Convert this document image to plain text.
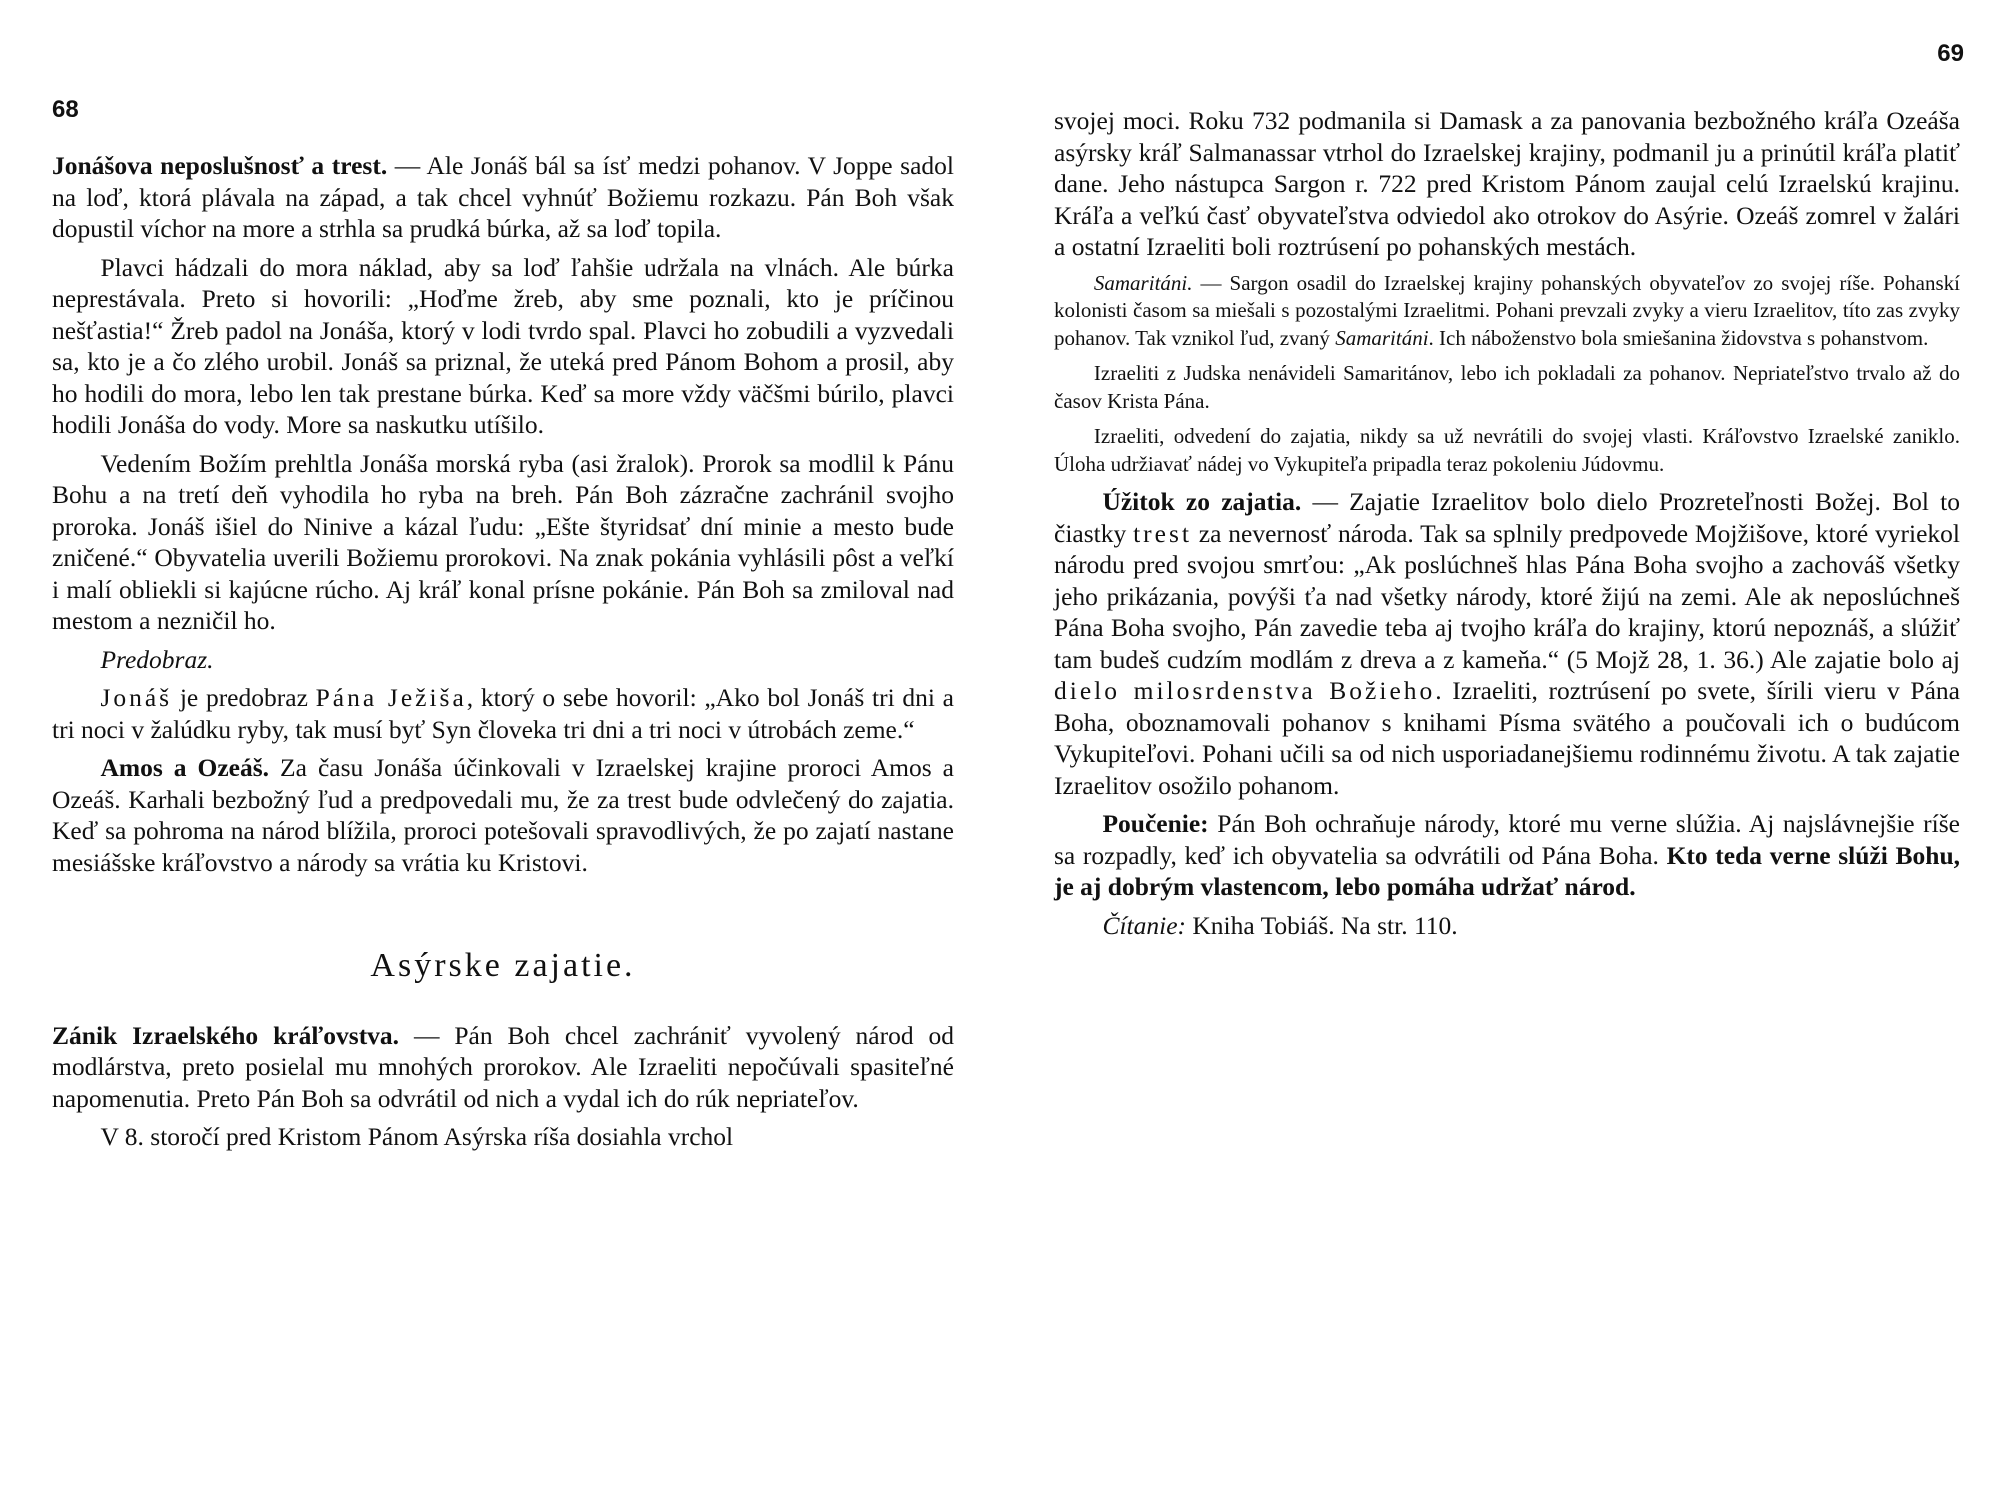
68

Jonášova neposlušnosť a trest. — Ale Jonáš bál sa ísť medzi pohanov. V Joppe sadol na loď, ktorá plávala na západ, a tak chcel vyhnúť Božiemu rozkazu. Pán Boh však dopustil víchor na more a strhla sa prudká búrka, až sa loď topila.

Plavci hádzali do mora náklad, aby sa loď ľahšie udržala na vlnách. Ale búrka neprestávala. Preto si hovorili: „Hoďme žreb, aby sme poznali, kto je príčinou nešťastia!“ Žreb padol na Jonáša, ktorý v lodi tvrdo spal. Plavci ho zobudili a vyzvedali sa, kto je a čo zlého urobil. Jonáš sa priznal, že uteká pred Pánom Bohom a prosil, aby ho hodili do mora, lebo len tak prestane búrka. Keď sa more vždy väčšmi búrilo, plavci hodili Jonáša do vody. More sa naskutku utíšilo.

Vedením Božím prehltla Jonáša morská ryba (asi žralok). Prorok sa modlil k Pánu Bohu a na tretí deň vyhodila ho ryba na breh. Pán Boh zázračne zachránil svojho proroka. Jonáš išiel do Ninive a kázal ľudu: „Ešte štyridsať dní minie a mesto bude zničené.“ Obyvatelia uverili Božiemu prorokovi. Na znak pokánia vyhlásili pôst a veľkí i malí obliekli si kajúcne rúcho. Aj kráľ konal prísne pokánie. Pán Boh sa zmiloval nad mestom a nezničil ho.

Predobraz.

Jonáš je predobraz Pána Ježiša, ktorý o sebe hovoril: „Ako bol Jonáš tri dni a tri noci v žalúdku ryby, tak musí byť Syn človeka tri dni a tri noci v útrobách zeme.“

Amos a Ozeáš. Za času Jonáša účinkovali v Izraelskej krajine proroci Amos a Ozeáš. Karhali bezbožný ľud a predpovedali mu, že za trest bude odvlečený do zajatia. Keď sa pohroma na národ blížila, proroci potešovali spravodlivých, že po zajatí nastane mesiášske kráľovstvo a národy sa vrátia ku Kristovi.

Asýrske zajatie.

Zánik Izraelského kráľovstva. — Pán Boh chcel zachrániť vyvolený národ od modlárstva, preto posielal mu mnohých prorokov. Ale Izraeliti nepočúvali spasiteľné napomenutia. Preto Pán Boh sa odvrátil od nich a vydal ich do rúk nepriateľov.

V 8. storočí pred Kristom Pánom Asýrska ríša dosiahla vrchol

69

svojej moci. Roku 732 podmanila si Damask a za panovania bezbožného kráľa Ozeáša asýrsky kráľ Salmanassar vtrhol do Izraelskej krajiny, podmanil ju a prinútil kráľa platiť dane. Jeho nástupca Sargon r. 722 pred Kristom Pánom zaujal celú Izraelskú krajinu. Kráľa a veľkú časť obyvateľstva odviedol ako otrokov do Asýrie. Ozeáš zomrel v žalári a ostatní Izraeliti boli roztrúsení po pohanských mestách.

Samaritáni. — Sargon osadil do Izraelskej krajiny pohanských obyvateľov zo svojej ríše. Pohanskí kolonisti časom sa miešali s pozostalými Izraelitmi. Pohani prevzali zvyky a vieru Izraelitov, títo zas zvyky pohanov. Tak vznikol ľud, zvaný Samaritáni. Ich náboženstvo bola smiešanina židovstva s pohanstvom.

Izraeliti z Judska nenávideli Samaritánov, lebo ich pokladali za pohanov. Nepriateľstvo trvalo až do časov Krista Pána.

Izraeliti, odvedení do zajatia, nikdy sa už nevrátili do svojej vlasti. Kráľovstvo Izraelské zaniklo. Úloha udržiavať nádej vo Vykupiteľa pripadla teraz pokoleniu Júdovmu.

Úžitok zo zajatia. — Zajatie Izraelitov bolo dielo Prozreteľnosti Božej. Bol to čiastky trest za nevernosť národa. Tak sa splnily predpovede Mojžišove, ktoré vyriekol národu pred svojou smrťou: „Ak poslúchneš hlas Pána Boha svojho a zachováš všetky jeho prikázania, povýši ťa nad všetky národy, ktoré žijú na zemi. Ale ak neposlúchneš Pána Boha svojho, Pán zavedie teba aj tvojho kráľa do krajiny, ktorú nepoznáš, a slúžiť tam budeš cudzím modlám z dreva a z kameňa.“ (5 Mojž 28, 1. 36.) Ale zajatie bolo aj dielo milosrdenstva Božieho. Izraeliti, roztrúsení po svete, šírili vieru v Pána Boha, oboznamovali pohanov s knihami Písma svätého a poučovali ich o budúcom Vykupiteľovi. Pohani učili sa od nich usporiadanejšiemu rodinnému životu. A tak zajatie Izraelitov osožilo pohanom.

Poučenie: Pán Boh ochraňuje národy, ktoré mu verne slúžia. Aj najslávnejšie ríše sa rozpadly, keď ich obyvatelia sa odvrátili od Pána Boha. Kto teda verne slúži Bohu, je aj dobrým vlastencom, lebo pomáha udržať národ.

Čítanie: Kniha Tobiáš. Na str. 110.
